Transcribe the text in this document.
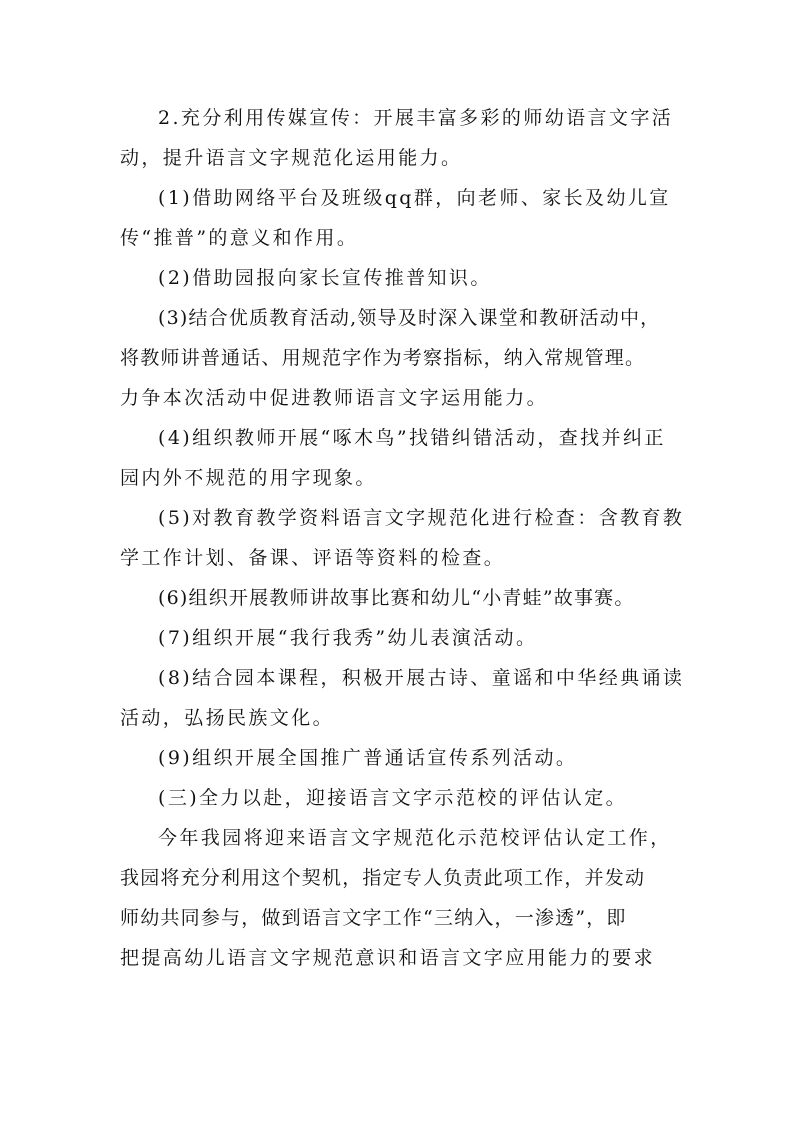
2.充分利用传媒宣传：开展丰富多彩的师幼语言文字活
动，提升语言文字规范化运用能力。
(1)借助网络平台及班级qq群，向老师、家长及幼儿宣
传“推普”的意义和作用。
(2)借助园报向家长宣传推普知识。
(3)结合优质教育活动,领导及时深入课堂和教研活动中，
将教师讲普通话、用规范字作为考察指标，纳入常规管理。
力争本次活动中促进教师语言文字运用能力。
(4)组织教师开展“啄木鸟”找错纠错活动，查找并纠正
园内外不规范的用字现象。
(5)对教育教学资料语言文字规范化进行检查：含教育教
学工作计划、备课、评语等资料的检查。
(6)组织开展教师讲故事比赛和幼儿“小青蛙”故事赛。
(7)组织开展“我行我秀”幼儿表演活动。
(8)结合园本课程，积极开展古诗、童谣和中华经典诵读
活动，弘扬民族文化。
(9)组织开展全国推广普通话宣传系列活动。
(三)全力以赴，迎接语言文字示范校的评估认定。
今年我园将迎来语言文字规范化示范校评估认定工作，
我园将充分利用这个契机，指定专人负责此项工作，并发动
师幼共同参与，做到语言文字工作“三纳入，一渗透”，即
把提高幼儿语言文字规范意识和语言文字应用能力的要求
